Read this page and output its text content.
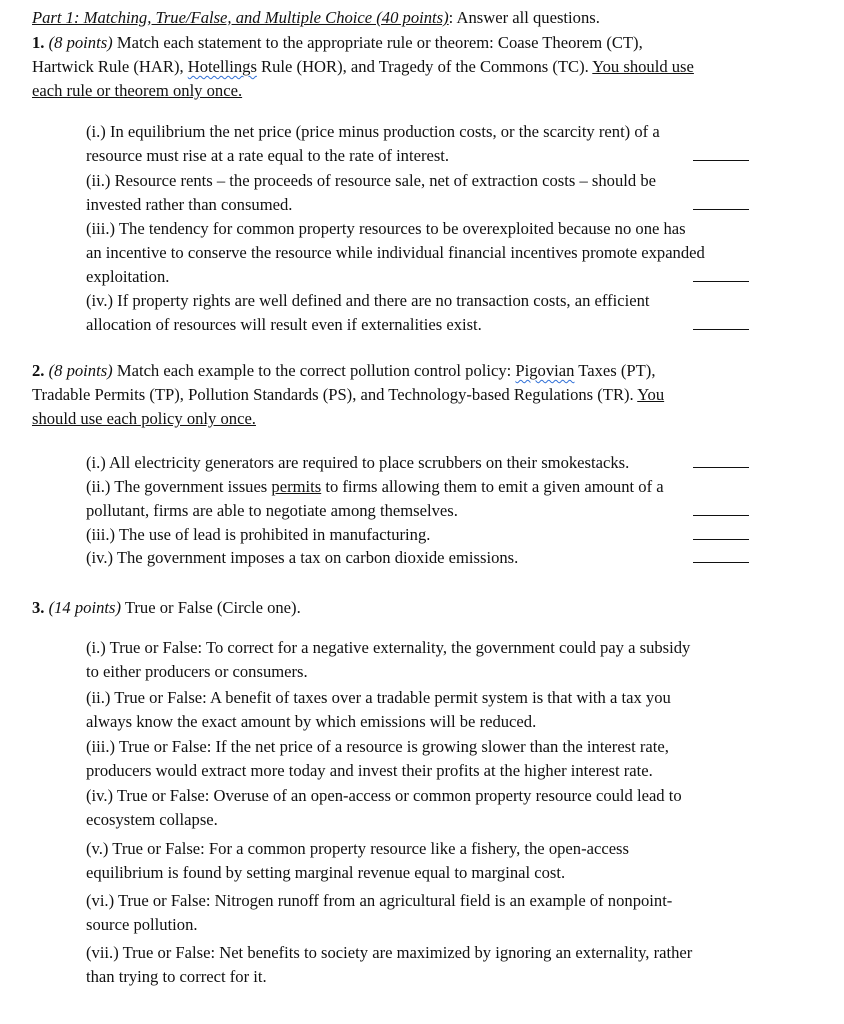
Part 1: Matching, True/False, and Multiple Choice (40 points): Answer all questions.
1. (8 points) Match each statement to the appropriate rule or theorem: Coase Theorem (CT),
Hartwick Rule (HAR), Hotellings Rule (HOR), and Tragedy of the Commons (TC). You should use
each rule or theorem only once.
(i.) In equilibrium the net price (price minus production costs, or the scarcity rent) of a
resource must rise at a rate equal to the rate of interest.
(ii.) Resource rents – the proceeds of resource sale, net of extraction costs – should be
invested rather than consumed.
(iii.) The tendency for common property resources to be overexploited because no one has
an incentive to conserve the resource while individual financial incentives promote expanded
exploitation.
(iv.) If property rights are well defined and there are no transaction costs, an efficient
allocation of resources will result even if externalities exist.
2. (8 points) Match each example to the correct pollution control policy: Pigovian Taxes (PT),
Tradable Permits (TP), Pollution Standards (PS), and Technology-based Regulations (TR). You
should use each policy only once.
(i.) All electricity generators are required to place scrubbers on their smokestacks.
(ii.) The government issues permits to firms allowing them to emit a given amount of a
pollutant, firms are able to negotiate among themselves.
(iii.) The use of lead is prohibited in manufacturing.
(iv.) The government imposes a tax on carbon dioxide emissions.
3. (14 points) True or False (Circle one).
(i.) True or False: To correct for a negative externality, the government could pay a subsidy
to either producers or consumers.
(ii.) True or False: A benefit of taxes over a tradable permit system is that with a tax you
always know the exact amount by which emissions will be reduced.
(iii.) True or False: If the net price of a resource is growing slower than the interest rate,
producers would extract more today and invest their profits at the higher interest rate.
(iv.) True or False: Overuse of an open-access or common property resource could lead to
ecosystem collapse.
(v.) True or False: For a common property resource like a fishery, the open-access
equilibrium is found by setting marginal revenue equal to marginal cost.
(vi.) True or False: Nitrogen runoff from an agricultural field is an example of nonpoint-
source pollution.
(vii.) True or False: Net benefits to society are maximized by ignoring an externality, rather
than trying to correct for it.
